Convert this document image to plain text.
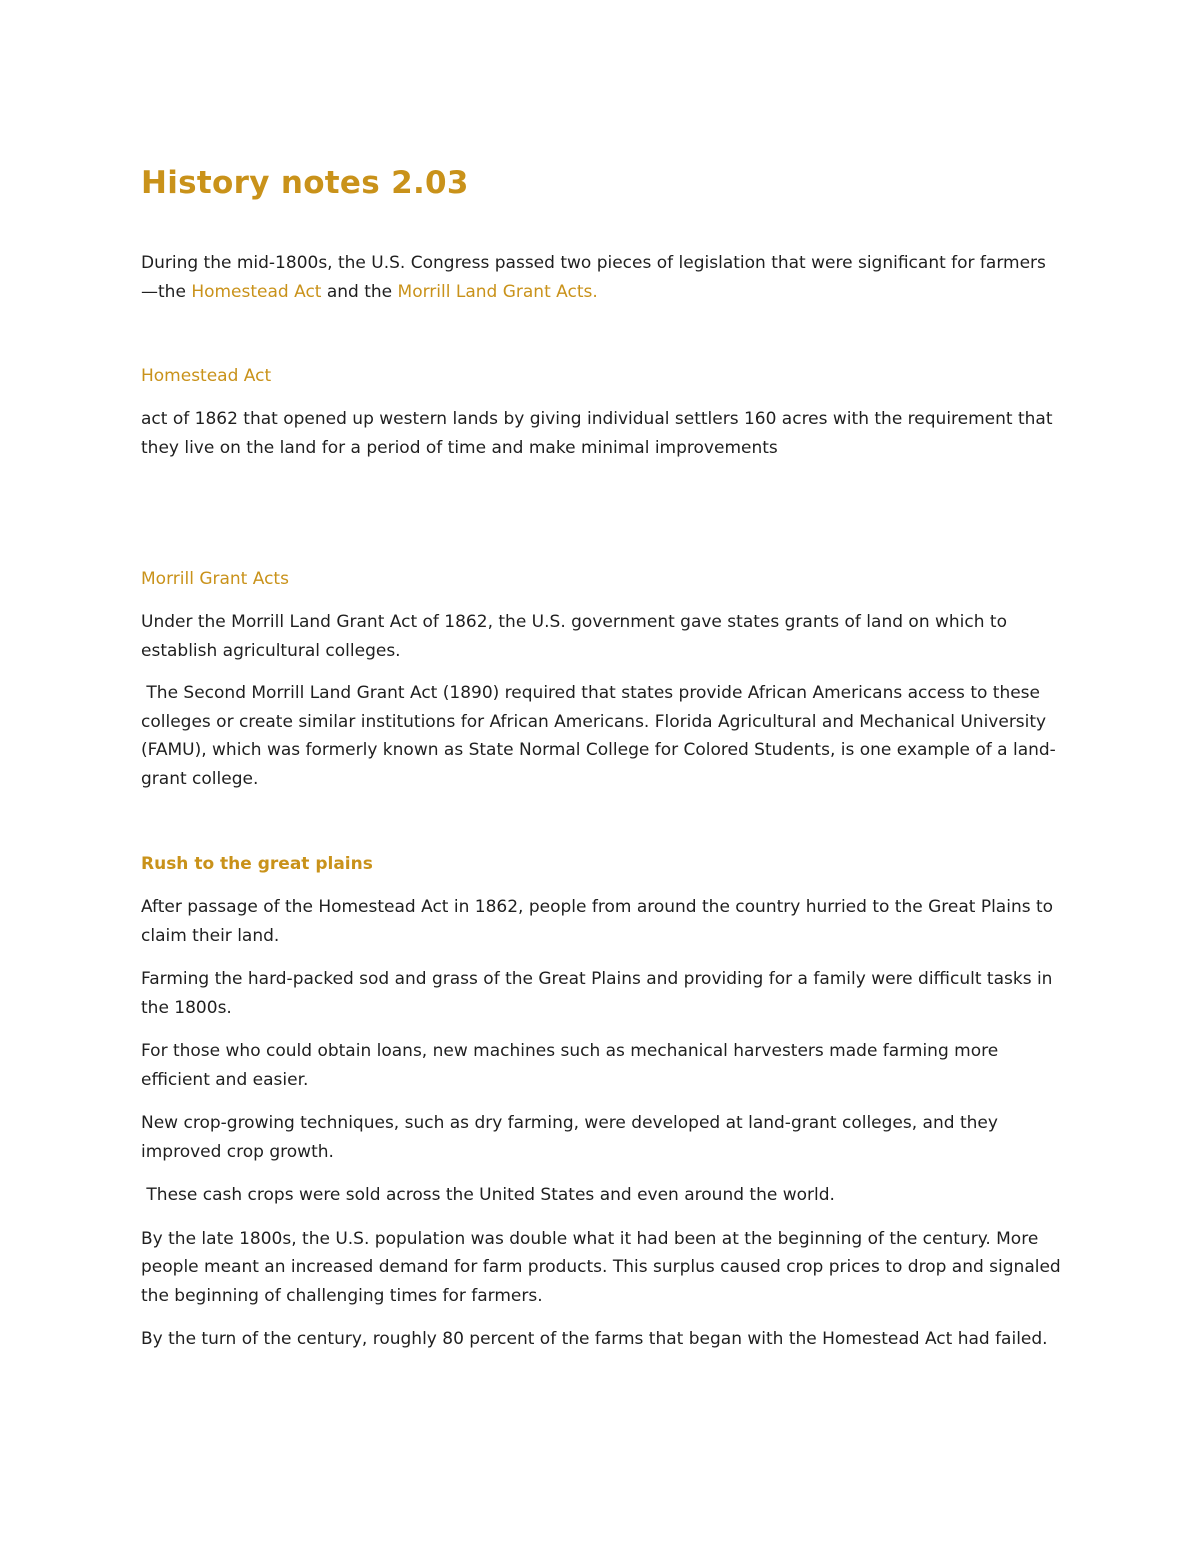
History notes 2.03

During the mid-1800s, the U.S. Congress passed two pieces of legislation that were significant for farmers—the Homestead Act and the Morrill Land Grant Acts.

Homestead Act

act of 1862 that opened up western lands by giving individual settlers 160 acres with the requirement that they live on the land for a period of time and make minimal improvements

Morrill Grant Acts

Under the Morrill Land Grant Act of 1862, the U.S. government gave states grants of land on which to establish agricultural colleges.

The Second Morrill Land Grant Act (1890) required that states provide African Americans access to these colleges or create similar institutions for African Americans. Florida Agricultural and Mechanical University (FAMU), which was formerly known as State Normal College for Colored Students, is one example of a land-grant college.

Rush to the great plains

After passage of the Homestead Act in 1862, people from around the country hurried to the Great Plains to claim their land.

Farming the hard-packed sod and grass of the Great Plains and providing for a family were difficult tasks in the 1800s.

For those who could obtain loans, new machines such as mechanical harvesters made farming more efficient and easier.

New crop-growing techniques, such as dry farming, were developed at land-grant colleges, and they improved crop growth.

These cash crops were sold across the United States and even around the world.

By the late 1800s, the U.S. population was double what it had been at the beginning of the century. More people meant an increased demand for farm products. This surplus caused crop prices to drop and signaled the beginning of challenging times for farmers.

By the turn of the century, roughly 80 percent of the farms that began with the Homestead Act had failed.
